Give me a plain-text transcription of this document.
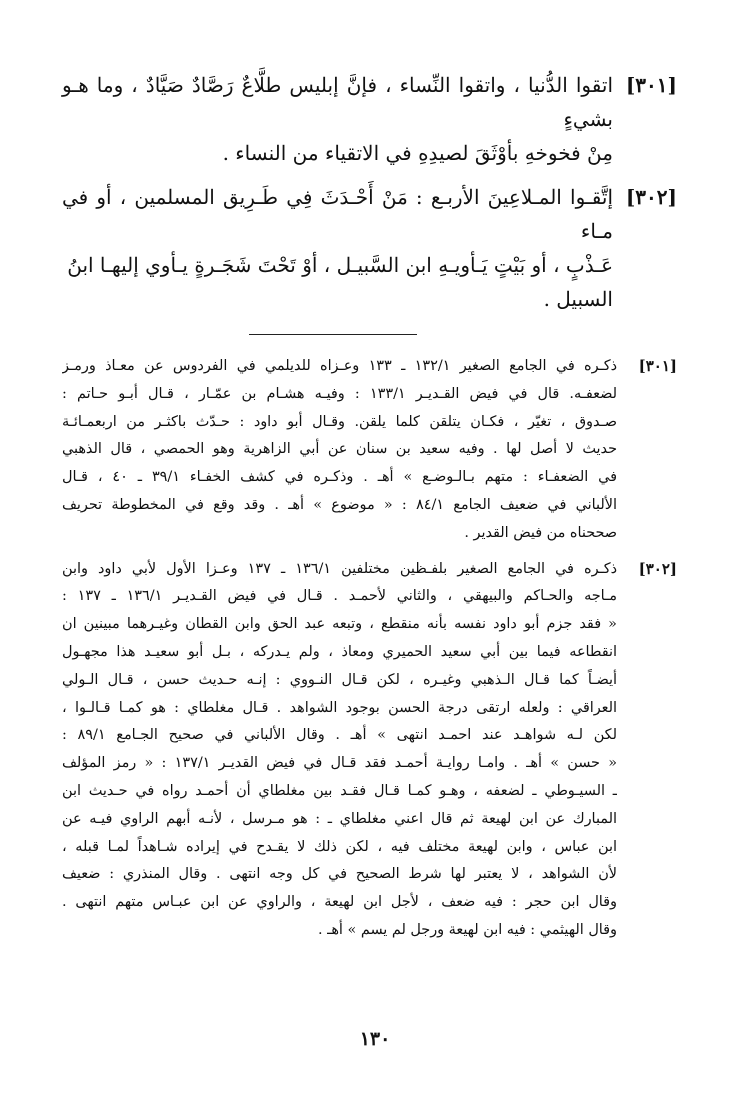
[٣٠١]
اتقوا الدُّنيا ، واتقوا النِّساء ، فإنَّ إبليس طلَّاعٌ رَصَّادٌ صَيَّادٌ ، وما هـو بشيءٍ
مِنْ فخوخهِ بأوْثَقَ لصيدِهِ في الاتقياء من النساء .
[٣٠٢]
إتَّقـوا المـلاعِينَ الأربـع : مَنْ أَحْـدَثَ فِي طَـرِيق المسلمين ، أو في مـاء
عَـذْبٍ ، أو بَيْتٍ يَـأويـهِ ابن السَّبيـل ، أوْ تَحْتَ شَجَـرةٍ يـأوي إليهـا ابنُ
السبيل .
[٣٠١]
ذكـره في الجامع الصغير ١٣٢/١ ـ ١٣٣ وعـزاه للديلمي في الفردوس عن معـاذ ورمـز
لضعفـه. قال في فيض القـديـر ١٣٣/١ : وفيـه هشـام بن عمّـار ، قـال أبـو حـاتم :
صـدوق ، تغيّر ، فكـان يتلقن كلما يلقن. وقـال أبو داود : حـدّث باكثـر من اربعمـائـة
حديث لا أصل لها . وفيه سعيد بن سنان عن أبي الزاهرية وهو الحمصي ، قال الذهبي
في الضعفـاء : متهم بـالـوضـع » أهـ . وذكـره في كشف الخفـاء ٣٩/١ ـ ٤٠ ، قـال
الألباني في ضعيف الجامع ٨٤/١ : « موضوع » أهـ . وقد وقع في المخطوطة تحريف
صححناه من فيض القدير .
[٣٠٢]
ذكـره في الجامع الصغير بلفـظين مختلفين ١٣٦/١ ـ ١٣٧ وعـزا الأول لأبي داود وابن
مـاجه والحـاكم والبيهقي ، والثاني لأحمـد . قـال في فيض القـديـر ١٣٦/١ ـ ١٣٧ :
« فقد جزم أبو داود نفسه بأنه منقطع ، وتبعه عبد الحق وابن القطان وغيـرهما مبينين ان
انقطاعه فيما بين أبي سعيد الحميري ومعاذ ، ولم يـدركه ، بـل أبو سعيـد هذا مجهـول
أيضـاً كما قـال الـذهبي وغيـره ، لكن قـال النـووي : إنـه حـديث حسن ، قـال الـولي
العراقي : ولعله ارتقى درجة الحسن بوجود الشواهد . قـال مغلطاي : هو كمـا قـالـوا ،
لكن لـه شواهـد عند احمـد انتهى » أهـ . وقال الألباني في صحيح الجـامع ٨٩/١ :
« حسن » أهـ . وامـا روايـة أحمـد فقد قـال في فيض القديـر ١٣٧/١ : « رمز المؤلف
ـ السيـوطي ـ لضعفه ، وهـو كمـا قـال فقـد بين مغلطاي أن أحمـد رواه في حـديث ابن
المبارك عن ابن لهيعة ثم قال اعني مغلطاي ـ : هو مـرسل ، لأنـه أبهم الراوي فيـه عن
ابن عباس ، وابن لهيعة مختلف فيه ، لكن ذلك لا يقـدح في إيراده شـاهداً لمـا قبله ،
لأن الشواهد ، لا يعتبر لها شرط الصحيح في كل وجه انتهى . وقال المنذري : ضعيف
وقال ابن حجر : فيه ضعف ، لأجل ابن لهيعة ، والراوي عن ابن عبـاس متهم انتهى .
وقال الهيثمي : فيه ابن لهيعة ورجل لم يسم » أهـ .
١٣٠
